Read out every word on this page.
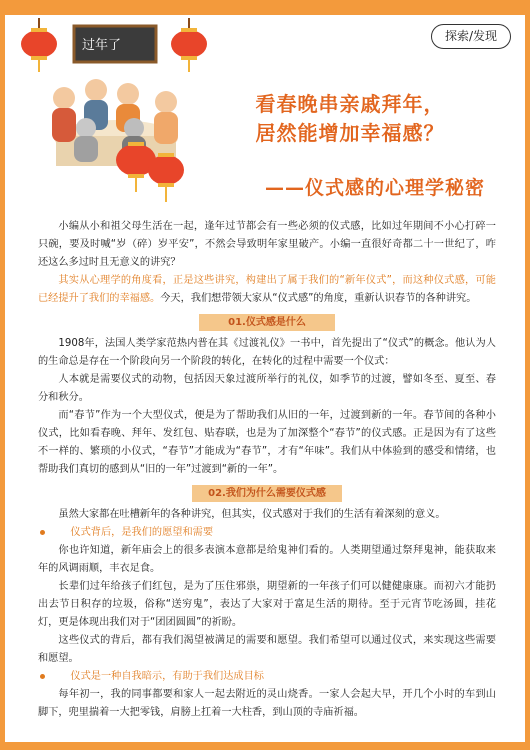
探索/发现
过年了
看春晚串亲戚拜年，
居然能增加幸福感？
——仪式感的心理学秘密

小编从小和祖父母生活在一起，逢年过节都会有一些必须的仪式感，比如过年期间不小心打碎一只碗，要及时喊“岁（碎）岁平安”，不然会导致明年家里破产。小编一直很好奇都二十一世纪了，咋还这么多过时且无意义的讲究？

其实从心理学的角度看，正是这些讲究，构建出了属于我们的“新年仪式”，而这种仪式感，可能已经提升了我们的幸福感。今天，我们想带领大家从“仪式感”的角度，重新认识春节的各种讲究。

01.仪式感是什么

1908年，法国人类学家范热内普在其《过渡礼仪》一书中，首先提出了“仪式”的概念。他认为人的生命总是存在一个阶段向另一个阶段的转化，在转化的过程中需要一个仪式：

人本就是需要仪式的动物，包括因天象过渡所举行的礼仪，如季节的过渡，譬如冬至、夏至、春分和秋分。

而“春节”作为一个大型仪式，便是为了帮助我们从旧的一年，过渡到新的一年。春节间的各种小仪式，比如看春晚、拜年、发红包、贴春联，也是为了加深整个“春节”的仪式感。正是因为有了这些不一样的、繁琐的小仪式，“春节”才能成为“春节”，才有“年味”。我们从中体验到的感受和情绪，也帮助我们真切的感到从“旧的一年”过渡到“新的一年”。

02.我们为什么需要仪式感

虽然大家都在吐槽新年的各种讲究，但其实，仪式感对于我们的生活有着深刻的意义。

仪式背后，是我们的愿望和需要

你也许知道，新年庙会上的很多表演本意都是给鬼神们看的。人类期望通过祭拜鬼神，能获取来年的风调雨顺，丰衣足食。

长辈们过年给孩子们红包，是为了压住邪祟，期望新的一年孩子们可以健健康康。而初六才能扔出去节日积存的垃圾，俗称“送穷鬼”，表达了大家对于富足生活的期待。至于元宵节吃汤圆，挂花灯，更是体现出我们对于“团团圆圆”的祈盼。

这些仪式的背后，都有我们渴望被满足的需要和愿望。我们希望可以通过仪式，来实现这些需要和愿望。

仪式是一种自我暗示，有助于我们达成目标

每年初一，我的同事都要和家人一起去附近的灵山烧香。一家人会起大早，开几个小时的车到山脚下，兜里揣着一大把零钱，肩膀上扛着一大柱香，到山顶的寺庙祈福。
